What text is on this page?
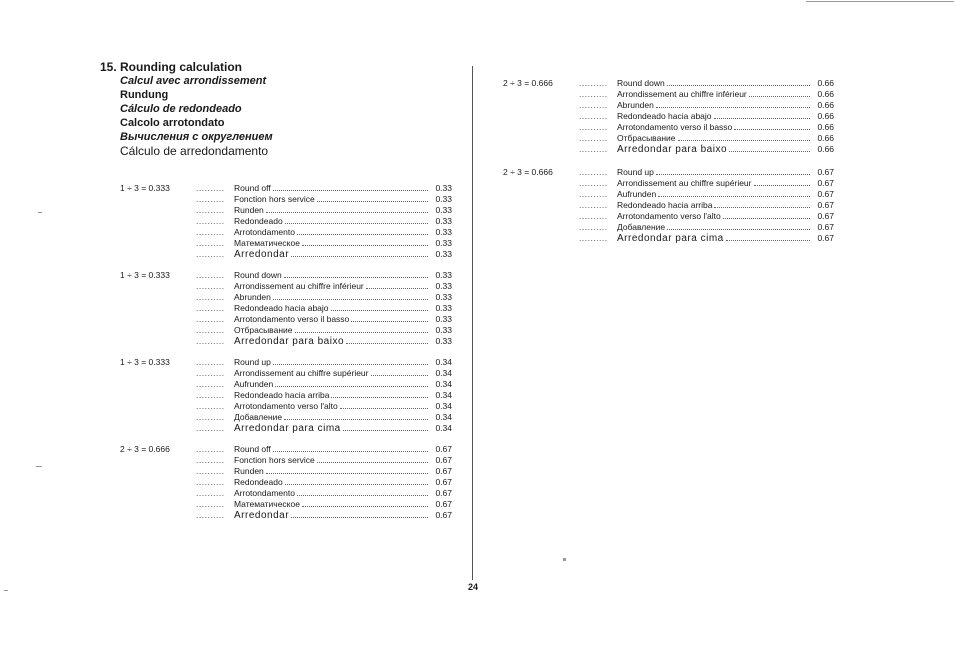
15. Rounding calculation
Calcul avec arrondissement
Rundung
Cálculo de redondeado
Calcolo arrotondato
Вычисления с округлением
Cálculo de arredondamento
1 ÷ 3 = 0.333	..........	Round off	0.33
..........	Fonction hors service	0.33
..........	Runden	0.33
..........	Redondeado	0.33
..........	Arrotondamento	0.33
..........	Математическое	0.33
.......... Arredondar	0.33
1 ÷ 3 = 0.333	..........	Round down	0.33
..........	Arrondissement au chiffre inférieur	0.33
..........	Abrunden	0.33
..........	Redondeado hacia abajo	0.33
..........	Arrotondamento verso il basso	0.33
..........	Отбрасывание	0.33
.......... Arredondar para baixo	0.33
1 ÷ 3 = 0.333	..........	Round up	0.34
..........	Arrondissement au chiffre supérieur	0.34
..........	Aufrunden	0.34
..........	Redondeado hacia arriba	0.34
..........	Arrotondamento verso l'alto	0.34
..........	Добавление	0.34
.......... Arredondar para cima	0.34
2 ÷ 3 = 0.666	..........	Round off	0.67
..........	Fonction hors service	0.67
..........	Runden	0.67
..........	Redondeado	0.67
..........	Arrotondamento	0.67
..........	Математическое	0.67
.......... Arredondar	0.67
2 ÷ 3 = 0.666	..........	Round down	0.66
..........	Arrondissement au chiffre inférieur	0.66
..........	Abrunden	0.66
..........	Redondeado hacia abajo	0.66
..........	Arrotondamento verso il basso	0.66
..........	Отбрасывание	0.66
.......... Arredondar para baixo	0.66
2 ÷ 3 = 0.666	..........	Round up	0.67
..........	Arrondissement au chiffre supérieur	0.67
..........	Aufrunden	0.67
..........	Redondeado hacia arriba	0.67
..........	Arrotondamento verso l'alto	0.67
..........	Добавление	0.67
.......... Arredondar para cima	0.67
24
